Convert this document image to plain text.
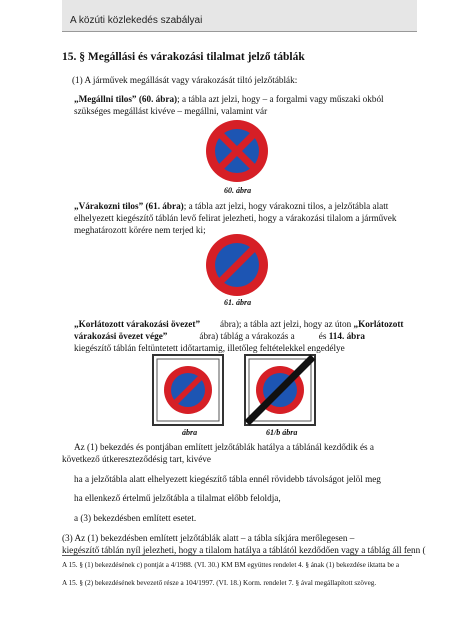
A közúti közlekedés szabályai
15. § Megállási és várakozási tilalmat jelző táblák
(1) A járművek megállását vagy várakozását tiltó jelzőtáblák:
„Megállni tilos” (60. ábra); a tábla azt jelzi, hogy – a forgalmi vagy műszaki okból
szükséges megállást kivéve – megállni, valamint vár
60. ábra
„Várakozni tilos” (61. ábra); a tábla azt jelzi, hogy várakozni tilos, a jelzőtábla alatt
elhelyezett kiegészítő táblán levő felirat jelezheti, hogy a várakozási tilalom a járművek
meghatározott körére nem terjed ki;
61. ábra
„Korlátozott várakozási övezet” ábra); a tábla azt jelzi, hogy az úton „Korlátozott
várakozási övezet vége”	ábra) táblág a várakozás a	és 114. ábra
kiegészítő táblán feltüntetett időtartamig, illetőleg feltételekkel engedélye
ábra	61/b ábra
Az (1) bekezdés és pontjában említett jelzőtáblák hatálya a táblánál kezdődik és a
következő útkereszteződésig tart, kivéve
ha a jelzőtábla alatt elhelyezett kiegészítő tábla ennél rövidebb távolságot jelöl meg
ha ellenkező értelmű jelzőtábla a tilalmat előbb feloldja,
a (3) bekezdésben említett esetet.
(3) Az (1) bekezdésben említett jelzőtáblák alatt – a tábla síkjára merőlegesen –
kiegészítő táblán nyíl jelezheti, hogy a tilalom hatálya a táblától kezdődően vagy a táblág áll fenn (
A 15. § (1) bekezdésének c) pontját a 4/1988. (VI. 30.) KM BM együttes rendelet 4. § ának (1) bekezdése iktatta be a
A 15. § (2) bekezdésének bevezető része a 104/1997. (VI. 18.) Korm. rendelet 7. § ával megállapított szöveg.
